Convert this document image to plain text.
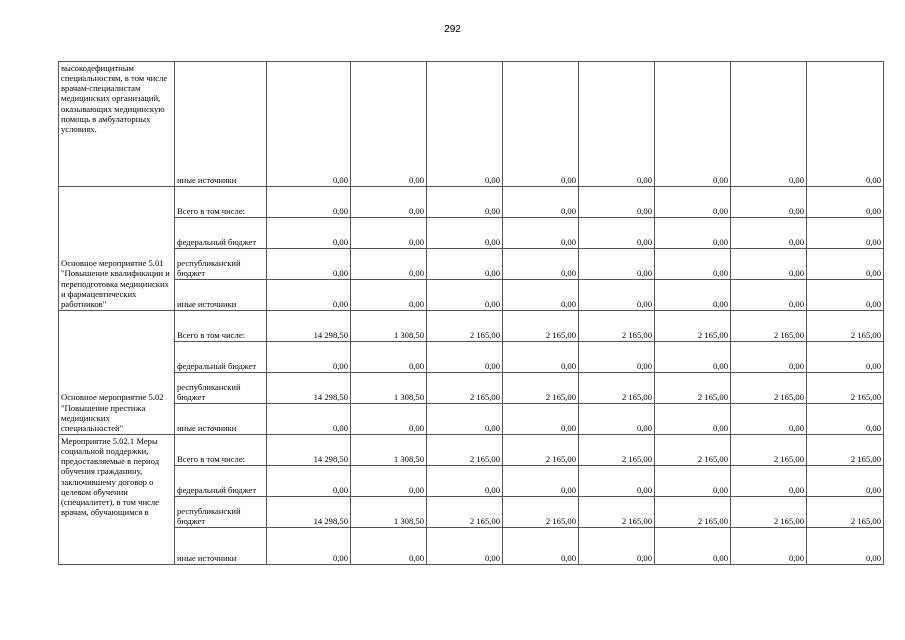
292
высокодефицитным специальностям, в том числе врачам-специалистам медицинских организаций, оказывающих медицинскую помощь в амбулаторных условиях.	иные источники	0,00	0,00	0,00	0,00	0,00	0,00	0,00	0,00
Основное мероприятие 5.01 "Повышение квалификации и переподготовка медицинских и фармацевтических работников"	Всего в том числе:	0,00	0,00	0,00	0,00	0,00	0,00	0,00	0,00
	федеральный бюджет	0,00	0,00	0,00	0,00	0,00	0,00	0,00	0,00
	республиканский бюджет	0,00	0,00	0,00	0,00	0,00	0,00	0,00	0,00
	иные источники	0,00	0,00	0,00	0,00	0,00	0,00	0,00	0,00
Основное мероприятие 5.02 "Повышение престижа медицинских специальностей"	Всего в том числе:	14 298,50	1 308,50	2 165,00	2 165,00	2 165,00	2 165,00	2 165,00	2 165,00
	федеральный бюджет	0,00	0,00	0,00	0,00	0,00	0,00	0,00	0,00
	республиканский бюджет	14 298,50	1 308,50	2 165,00	2 165,00	2 165,00	2 165,00	2 165,00	2 165,00
	иные источники	0,00	0,00	0,00	0,00	0,00	0,00	0,00	0,00
Мероприятие 5.02.1 Меры социальной поддержки, предоставляемые в период обучения гражданину, заключившему договор о целевом обучении (специалитет), в том числе врачам, обучающимся в	Всего в том числе:	14 298,50	1 308,50	2 165,00	2 165,00	2 165,00	2 165,00	2 165,00	2 165,00
	федеральный бюджет	0,00	0,00	0,00	0,00	0,00	0,00	0,00	0,00
	республиканский бюджет	14 298,50	1 308,50	2 165,00	2 165,00	2 165,00	2 165,00	2 165,00	2 165,00
	иные источники	0,00	0,00	0,00	0,00	0,00	0,00	0,00	0,00
